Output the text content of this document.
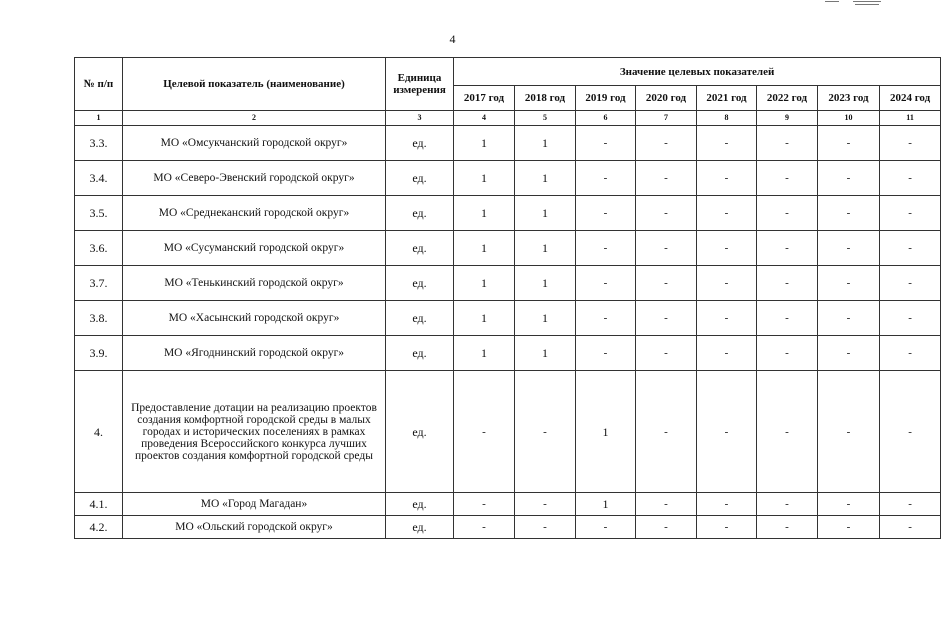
4
№ п/п	Целевой показатель (наименование)	Единица измерения	Значение целевых показателей							
			2017 год	2018 год	2019 год	2020 год	2021 год	2022 год	2023 год	2024 год
1	2	3	4	5	6	7	8	9	10	11
3.3.	МО «Омсукчанский городской округ»	ед.	1	1	-	-	-	-	-	-
3.4.	МО «Северо-Эвенский городской округ»	ед.	1	1	-	-	-	-	-	-
3.5.	МО «Среднеканский городской округ»	ед.	1	1	-	-	-	-	-	-
3.6.	МО «Сусуманский городской округ»	ед.	1	1	-	-	-	-	-	-
3.7.	МО «Тенькинский городской округ»	ед.	1	1	-	-	-	-	-	-
3.8.	МО «Хасынский городской округ»	ед.	1	1	-	-	-	-	-	-
3.9.	МО «Ягоднинский городской округ»	ед.	1	1	-	-	-	-	-	-
4.	Предоставление дотации на реализацию проектов создания комфортной городской среды в малых городах и исторических поселениях в рамках проведения Всероссийского конкурса лучших проектов создания комфортной городской среды	ед.	-	-	1	-	-	-	-	-
4.1.	МО «Город Магадан»	ед.	-	-	1	-	-	-	-	-
4.2.	МО «Ольский городской округ»	ед.	-	-	-	-	-	-	-	-
